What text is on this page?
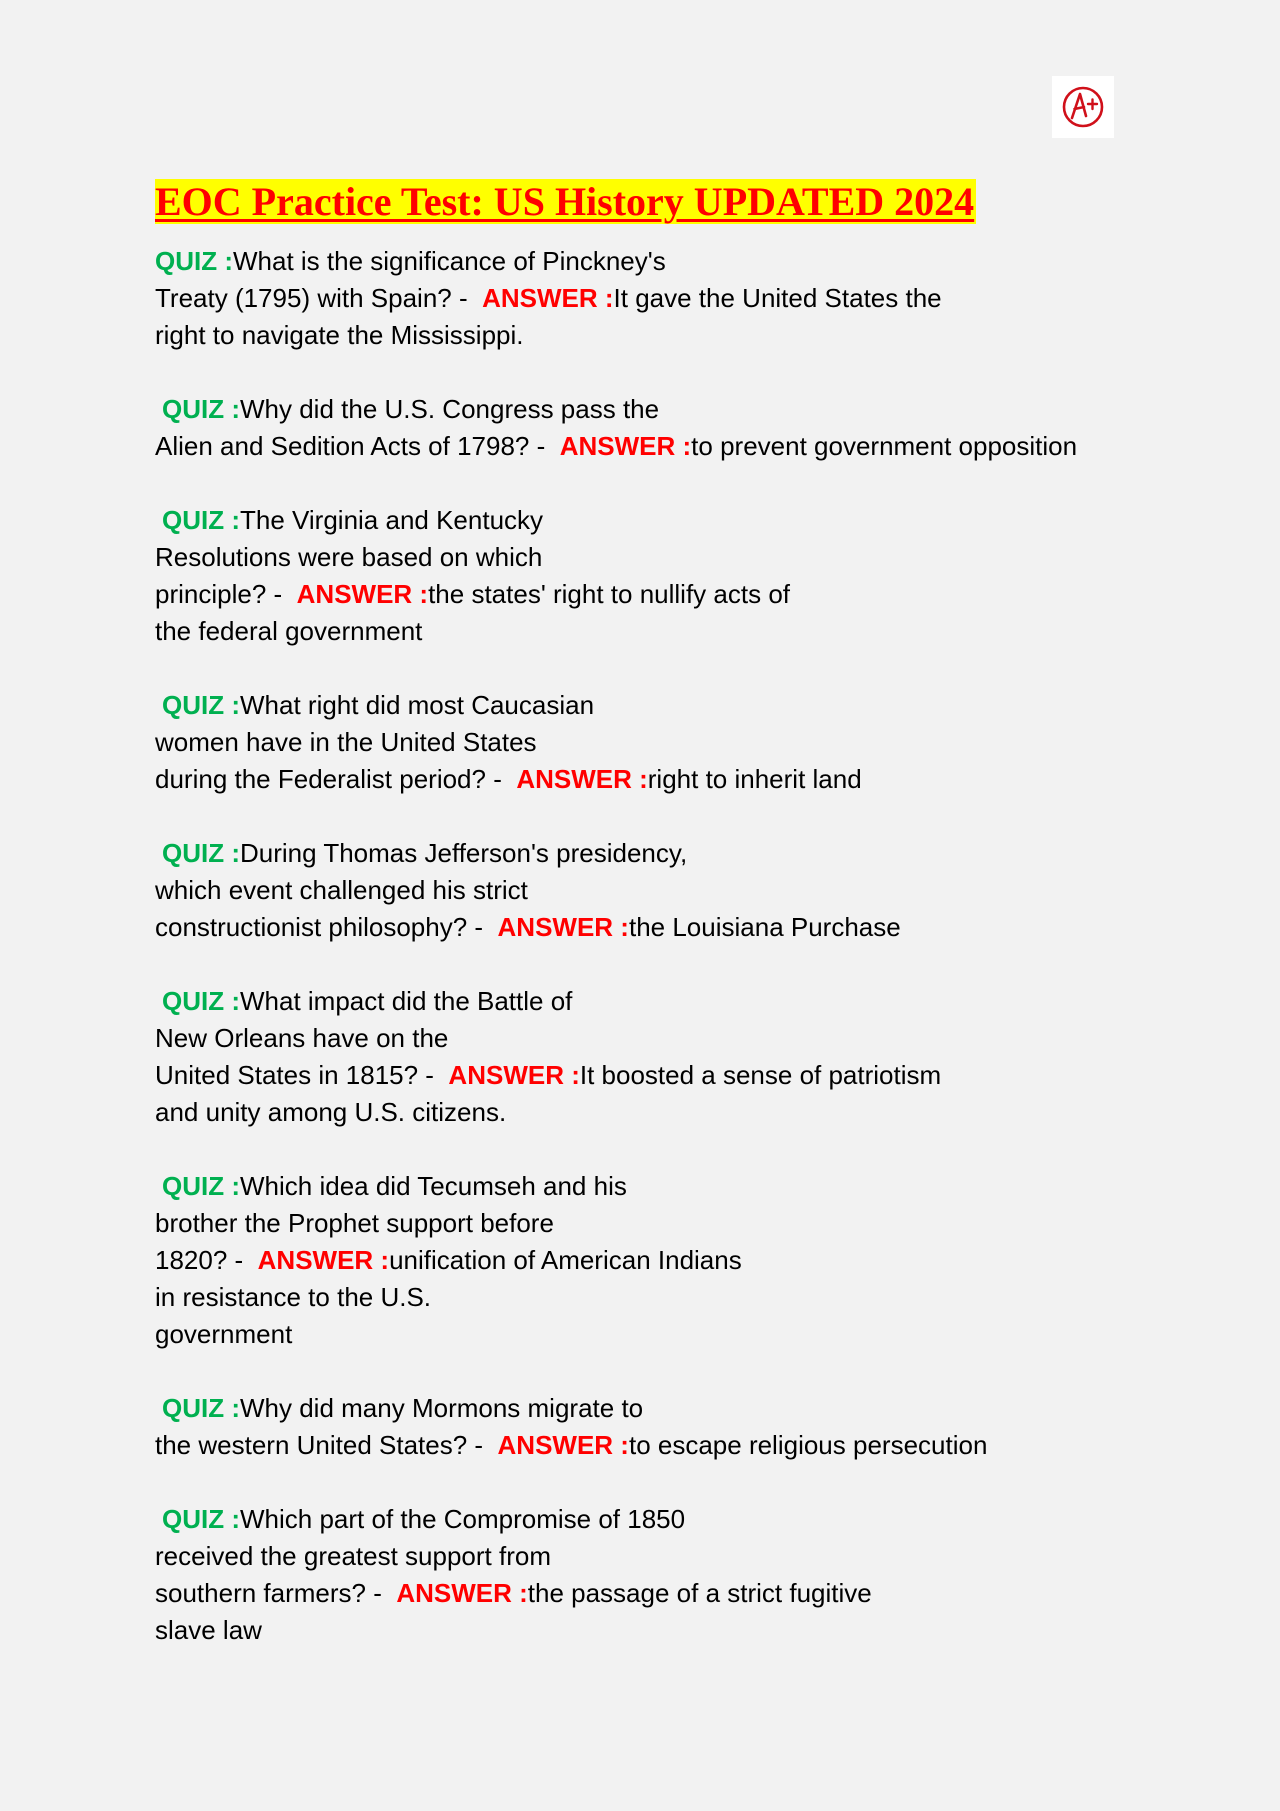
EOC Practice Test: US History UPDATED 2024
QUIZ :What is the significance of Pinckney's
Treaty (1795) with Spain? -  ANSWER :It gave the United States the
right to navigate the Mississippi.
QUIZ :Why did the U.S. Congress pass the
Alien and Sedition Acts of 1798? -  ANSWER :to prevent government opposition
QUIZ :The Virginia and Kentucky
Resolutions were based on which
principle? -  ANSWER :the states' right to nullify acts of
the federal government
QUIZ :What right did most Caucasian
women have in the United States
during the Federalist period? -  ANSWER :right to inherit land
QUIZ :During Thomas Jefferson's presidency,
which event challenged his strict
constructionist philosophy? -  ANSWER :the Louisiana Purchase
QUIZ :What impact did the Battle of
New Orleans have on the
United States in 1815? -  ANSWER :It boosted a sense of patriotism
and unity among U.S. citizens.
QUIZ :Which idea did Tecumseh and his
brother the Prophet support before
1820? -  ANSWER :unification of American Indians
in resistance to the U.S.
government
QUIZ :Why did many Mormons migrate to
the western United States? -  ANSWER :to escape religious persecution
QUIZ :Which part of the Compromise of 1850
received the greatest support from
southern farmers? -  ANSWER :the passage of a strict fugitive
slave law
